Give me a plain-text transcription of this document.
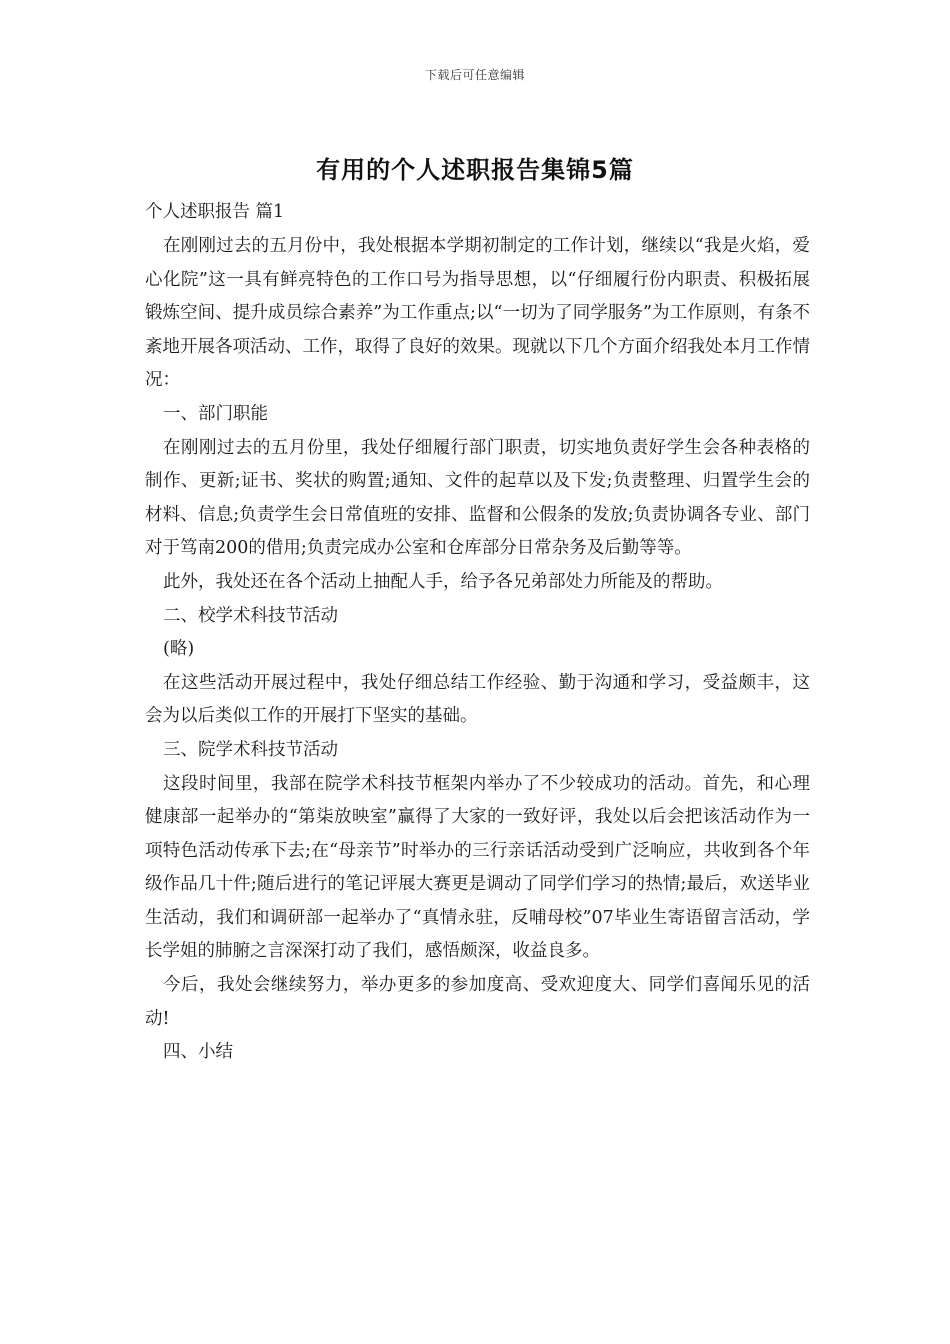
下载后可任意编辑
有用的个人述职报告集锦5篇

个人述职报告 篇1

在刚刚过去的五月份中，我处根据本学期初制定的工作计划，继续以“我是火焰，爱心化院”这一具有鲜亮特色的工作口号为指导思想，以“仔细履行份内职责、积极拓展锻炼空间、提升成员综合素养”为工作重点;以“一切为了同学服务”为工作原则，有条不紊地开展各项活动、工作，取得了良好的效果。现就以下几个方面介绍我处本月工作情况：

一、部门职能

在刚刚过去的五月份里，我处仔细履行部门职责，切实地负责好学生会各种表格的制作、更新;证书、奖状的购置;通知、文件的起草以及下发;负责整理、归置学生会的材料、信息;负责学生会日常值班的安排、监督和公假条的发放;负责协调各专业、部门对于笃南200的借用;负责完成办公室和仓库部分日常杂务及后勤等等。

此外，我处还在各个活动上抽配人手，给予各兄弟部处力所能及的帮助。

二、校学术科技节活动

(略)

在这些活动开展过程中，我处仔细总结工作经验、勤于沟通和学习，受益颇丰，这会为以后类似工作的开展打下坚实的基础。

三、院学术科技节活动

这段时间里，我部在院学术科技节框架内举办了不少较成功的活动。首先，和心理健康部一起举办的“第柒放映室”赢得了大家的一致好评，我处以后会把该活动作为一项特色活动传承下去;在“母亲节”时举办的三行亲话活动受到广泛响应，共收到各个年级作品几十件;随后进行的笔记评展大赛更是调动了同学们学习的热情;最后，欢送毕业生活动，我们和调研部一起举办了“真情永驻，反哺母校”07毕业生寄语留言活动，学长学姐的肺腑之言深深打动了我们，感悟颇深，收益良多。

今后，我处会继续努力，举办更多的参加度高、受欢迎度大、同学们喜闻乐见的活动!

四、小结
